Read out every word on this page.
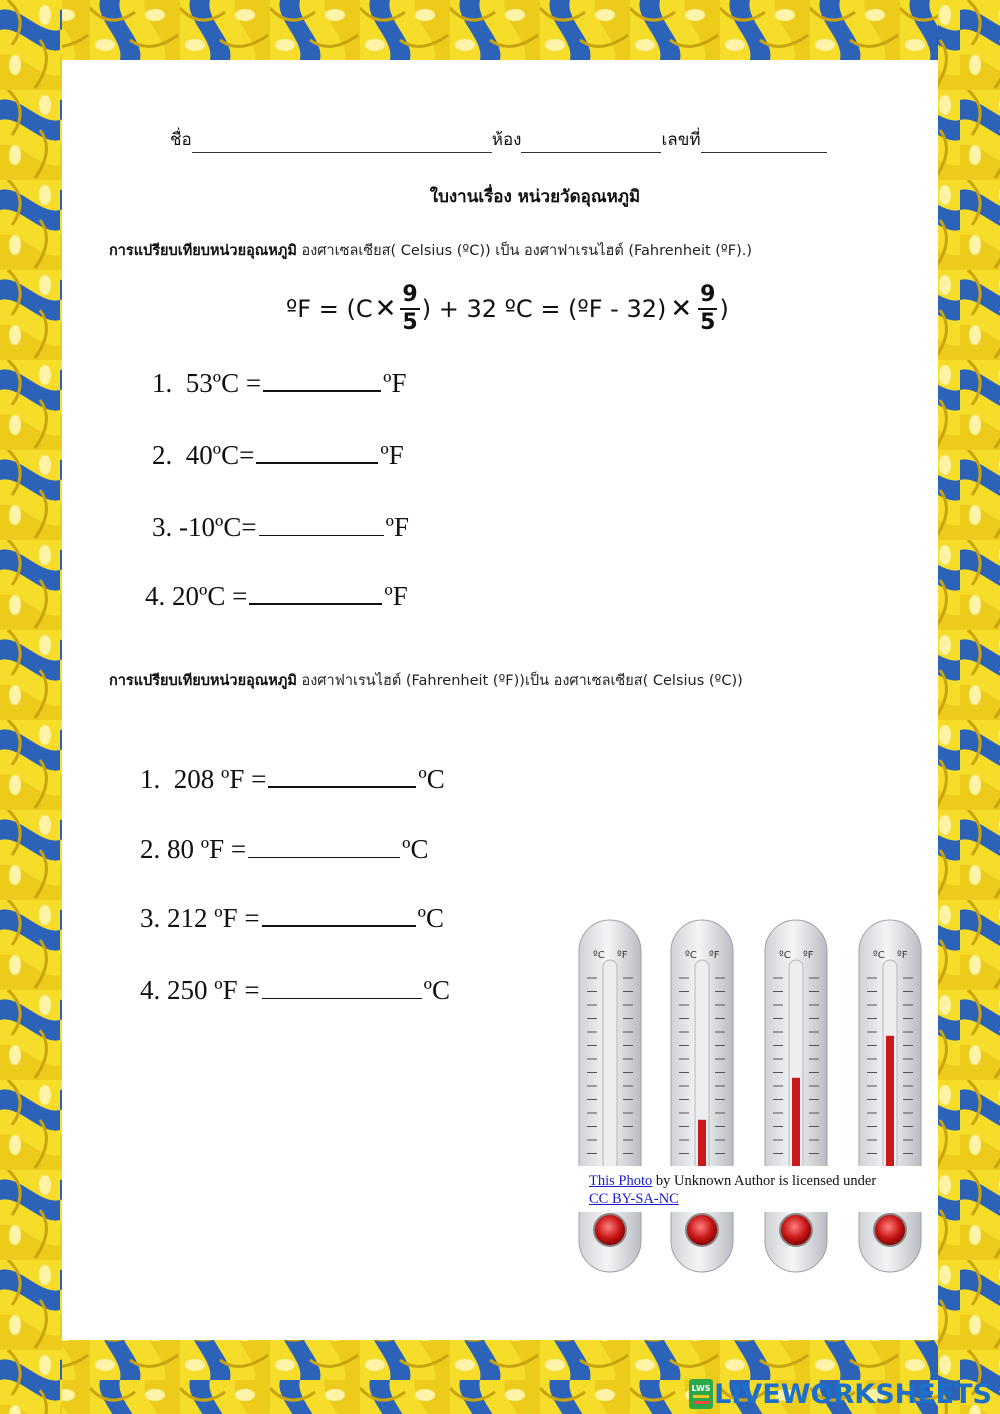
ชื่อ	ห้อง	เลขที่
ใบงานเรื่อง หน่วยวัดอุณหภูมิ
การแปรียบเทียบหน่วยอุณหภูมิ องศาเซลเซียส( Celsius (ºC)) เป็น องศาฟาเรนไฮต์ (Fahrenheit (ºF).)
ºF = (C ✕ $\frac{9}{5}$ ) + 32 ºC = (ºF - 32) ✕ $\frac{9}{5}$ )
1.  53ºC =	ºF
2.  40ºC=	ºF
3. -10ºC=	ºF
4. 20ºC =	ºF
การแปรียบเทียบหน่วยอุณหภูมิ องศาฟาเรนไฮต์ (Fahrenheit (ºF))เป็น องศาเซลเซียส( Celsius (ºC))
1.  208 ºF =	ºC
2. 80 ºF =	ºC
3. 212 ºF =	ºC
4. 250 ºF =	ºC
ºC ºF	ºC ºF	ºC ºF	ºC ºF
This Photo by Unknown Author is licensed under
CC BY-SA-NC
LWS LIVEWORKSHEETS
